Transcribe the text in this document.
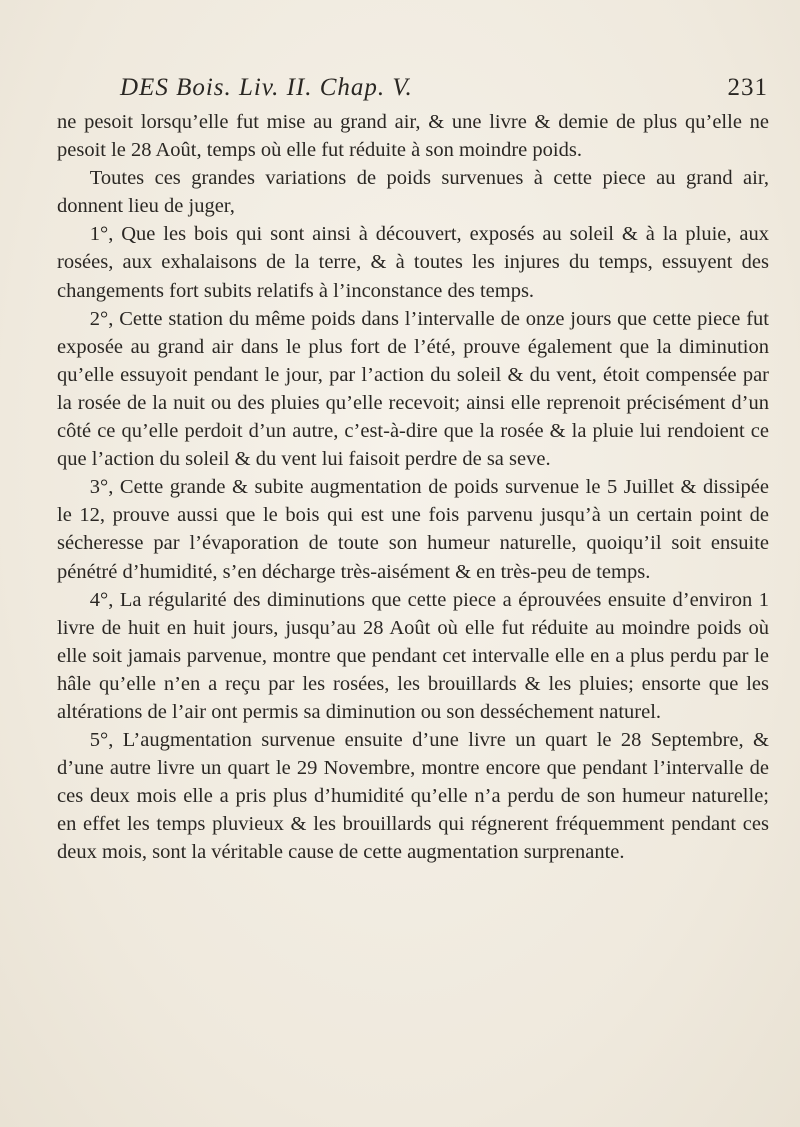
DES Bois. Liv. II. Chap. V.	231

ne pesoit lorsqu’elle fut mise au grand air, & une livre & demie de plus qu’elle ne pesoit le 28 Août, temps où elle fut réduite à son moindre poids.

Toutes ces grandes variations de poids survenues à cette piece au grand air, donnent lieu de juger,

1°, Que les bois qui sont ainsi à découvert, exposés au soleil & à la pluie, aux rosées, aux exhalaisons de la terre, & à toutes les injures du temps, essuyent des changements fort subits relatifs à l’inconstance des temps.

2°, Cette station du même poids dans l’intervalle de onze jours que cette piece fut exposée au grand air dans le plus fort de l’été, prouve également que la diminution qu’elle essuyoit pendant le jour, par l’action du soleil & du vent, étoit compensée par la rosée de la nuit ou des pluies qu’elle recevoit; ainsi elle reprenoit précisément d’un côté ce qu’elle perdoit d’un autre, c’est-à-dire que la rosée & la pluie lui rendoient ce que l’action du soleil & du vent lui faisoit perdre de sa seve.

3°, Cette grande & subite augmentation de poids survenue le 5 Juillet & dissipée le 12, prouve aussi que le bois qui est une fois parvenu jusqu’à un certain point de sécheresse par l’évaporation de toute son humeur naturelle, quoiqu’il soit ensuite pénétré d’humidité, s’en décharge très-aisément & en très-peu de temps.

4°, La régularité des diminutions que cette piece a éprouvées ensuite d’environ 1 livre de huit en huit jours, jusqu’au 28 Août où elle fut réduite au moindre poids où elle soit jamais parvenue, montre que pendant cet intervalle elle en a plus perdu par le hâle qu’elle n’en a reçu par les rosées, les brouillards & les pluies; ensorte que les altérations de l’air ont permis sa diminution ou son desséchement naturel.

5°, L’augmentation survenue ensuite d’une livre un quart le 28 Septembre, & d’une autre livre un quart le 29 Novembre, montre encore que pendant l’intervalle de ces deux mois elle a pris plus d’humidité qu’elle n’a perdu de son humeur naturelle; en effet les temps pluvieux & les brouillards qui régnerent fréquemment pendant ces deux mois, sont la véritable cause de cette augmentation surprenante.
